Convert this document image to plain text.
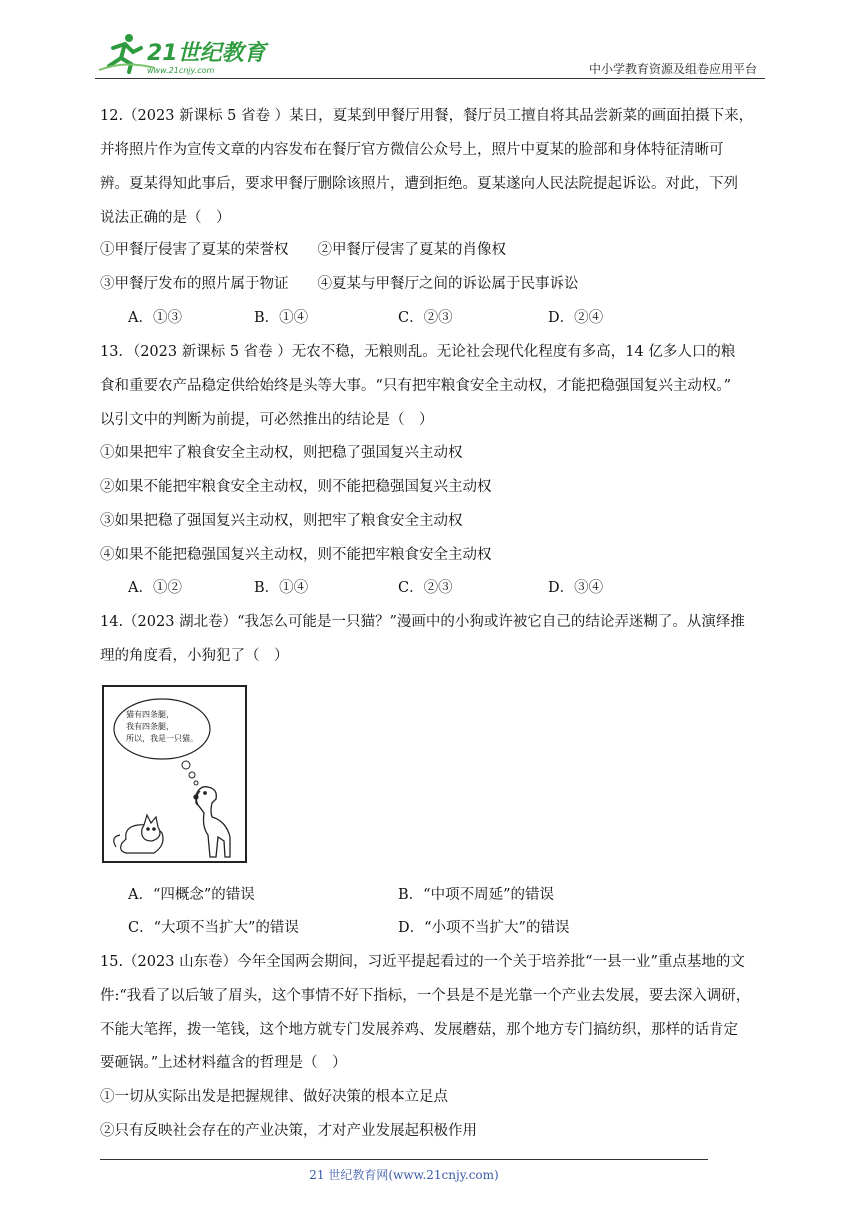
21世纪教育
www.21cnjy.com	中小学教育资源及组卷应用平台
12.（2023 新课标 5 省卷 ）某日，夏某到甲餐厅用餐，餐厅员工擅自将其品尝新菜的画面拍摄下来，
并将照片作为宣传文章的内容发布在餐厅官方微信公众号上，照片中夏某的脸部和身体特征清晰可
辨。夏某得知此事后，要求甲餐厅删除该照片，遭到拒绝。夏某遂向人民法院提起诉讼。对此，下列
说法正确的是（　）
①甲餐厅侵害了夏某的荣誉权　　②甲餐厅侵害了夏某的肖像权
③甲餐厅发布的照片属于物证　　④夏某与甲餐厅之间的诉讼属于民事诉讼
A．①③	B．①④	C．②③	D．②④
13．（2023 新课标 5 省卷 ）无农不稳，无粮则乱。无论社会现代化程度有多高，14 亿多人口的粮
食和重要农产品稳定供给始终是头等大事。“只有把牢粮食安全主动权，才能把稳强国复兴主动权。”
以引文中的判断为前提，可必然推出的结论是（　）
①如果把牢了粮食安全主动权，则把稳了强国复兴主动权
②如果不能把牢粮食安全主动权，则不能把稳强国复兴主动权
③如果把稳了强国复兴主动权，则把牢了粮食安全主动权
④如果不能把稳强国复兴主动权，则不能把牢粮食安全主动权
A．①②	B．①④	C．②③	D．③④
14.（2023 湖北卷）“我怎么可能是一只猫？”漫画中的小狗或许被它自己的结论弄迷糊了。从演绎推
理的角度看，小狗犯了（　）
猫有四条腿，
我有四条腿，
所以，我是一只猫。
A．“四概念”的错误	B．“中项不周延”的错误
C．“大项不当扩大”的错误	D．“小项不当扩大”的错误
15.（2023 山东卷）今年全国两会期间，习近平提起看过的一个关于培养批“一县一业”重点基地的文
件:“我看了以后皱了眉头，这个事情不好下指标，一个县是不是光靠一个产业去发展，要去深入调研，
不能大笔挥，拨一笔钱，这个地方就专门发展养鸡、发展蘑菇，那个地方专门搞纺织，那样的话肯定
要砸锅。”上述材料蕴含的哲理是（　）
①一切从实际出发是把握规律、做好决策的根本立足点
②只有反映社会存在的产业决策，才对产业发展起积极作用
21 世纪教育网(www.21cnjy.com)
